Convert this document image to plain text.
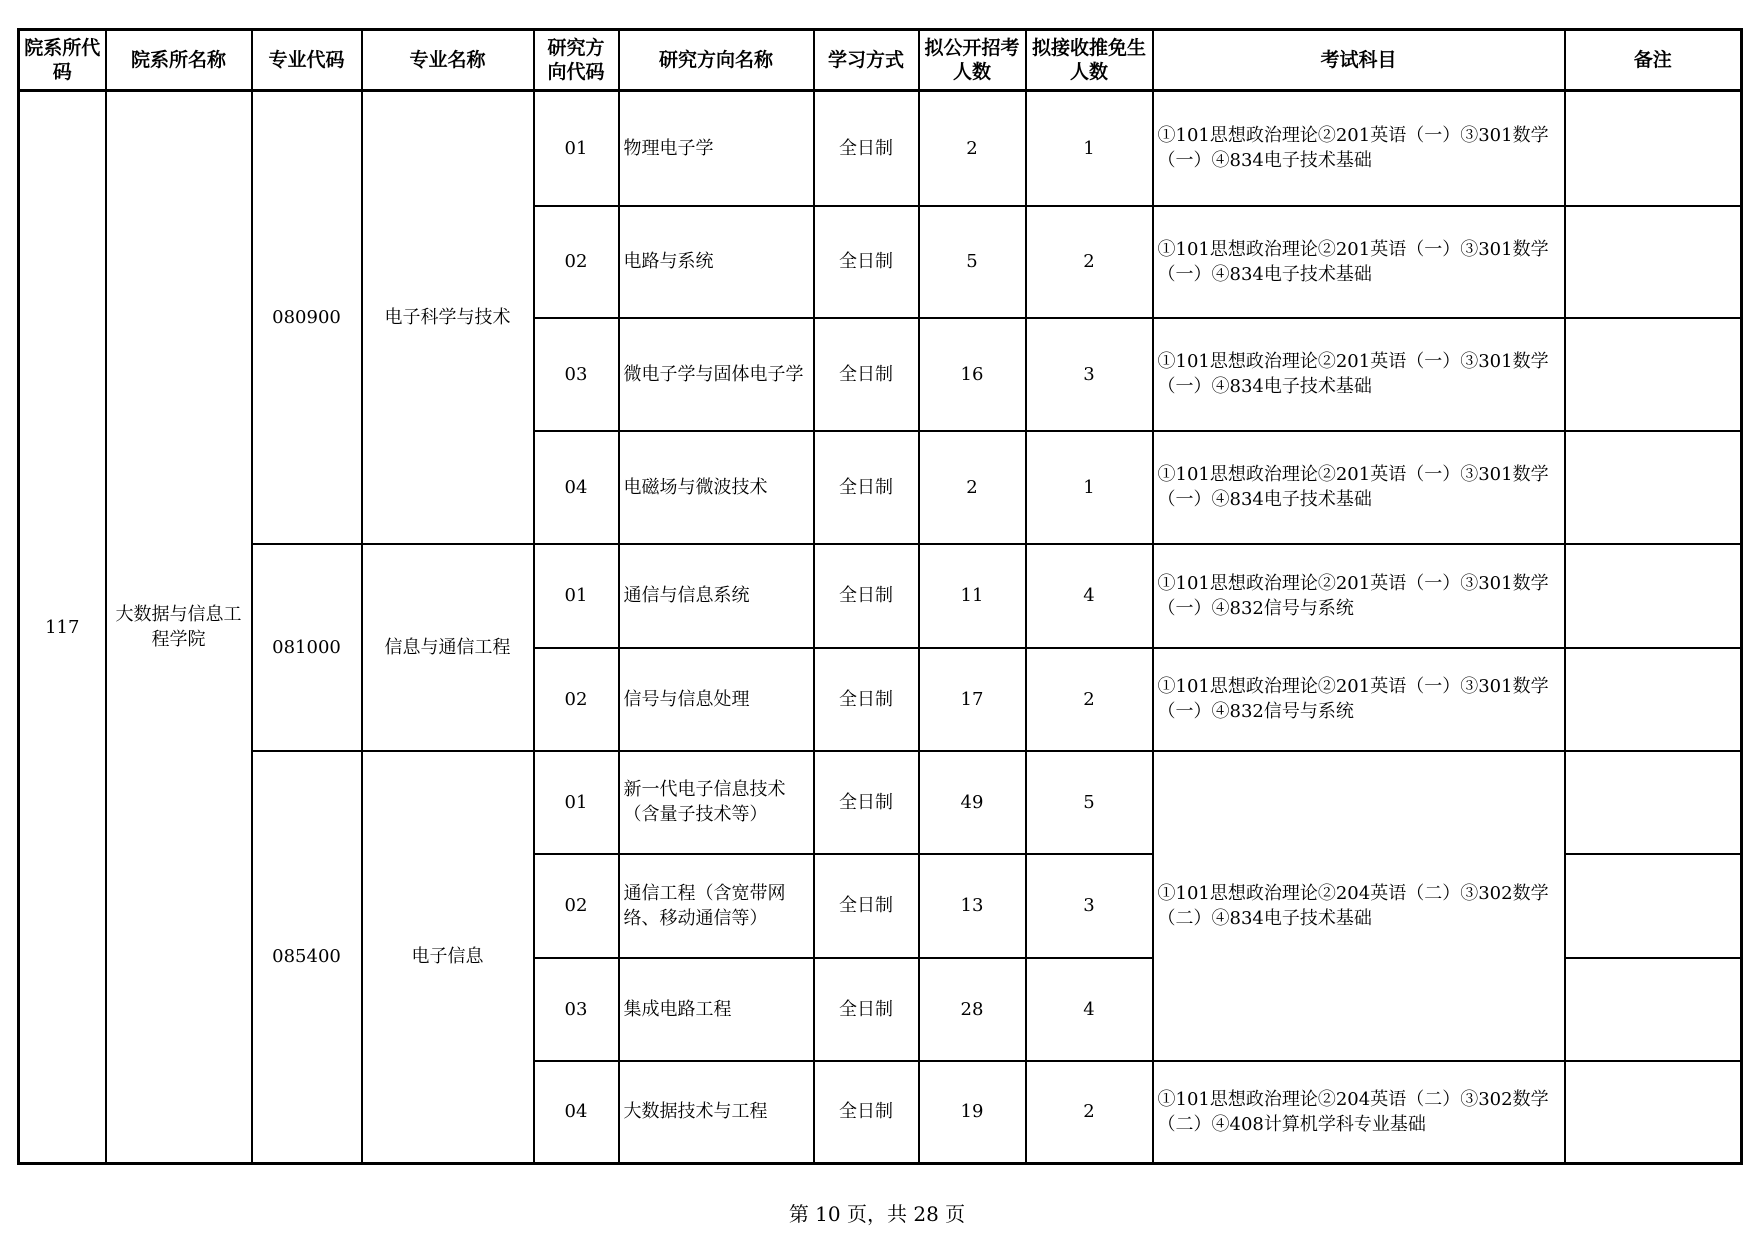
院系所代码	院系所名称	专业代码	专业名称	研究方向代码	研究方向名称	学习方式	拟公开招考人数	拟接收推免生人数	考试科目	备注
117	大数据与信息工程学院	080900	电子科学与技术	01	物理电子学	全日制	2	1	①101思想政治理论②201英语（一）③301数学（一）④834电子技术基础	
				02	电路与系统	全日制	5	2	①101思想政治理论②201英语（一）③301数学（一）④834电子技术基础	
				03	微电子学与固体电子学	全日制	16	3	①101思想政治理论②201英语（一）③301数学（一）④834电子技术基础	
				04	电磁场与微波技术	全日制	2	1	①101思想政治理论②201英语（一）③301数学（一）④834电子技术基础	
		081000	信息与通信工程	01	通信与信息系统	全日制	11	4	①101思想政治理论②201英语（一）③301数学（一）④832信号与系统	
				02	信号与信息处理	全日制	17	2	①101思想政治理论②201英语（一）③301数学（一）④832信号与系统	
		085400	电子信息	01	新一代电子信息技术（含量子技术等）	全日制	49	5	①101思想政治理论②204英语（二）③302数学（二）④834电子技术基础	
				02	通信工程（含宽带网络、移动通信等）	全日制	13	3		
				03	集成电路工程	全日制	28	4		
				04	大数据技术与工程	全日制	19	2	①101思想政治理论②204英语（二）③302数学（二）④408计算机学科专业基础	
第 10 页，共 28 页
